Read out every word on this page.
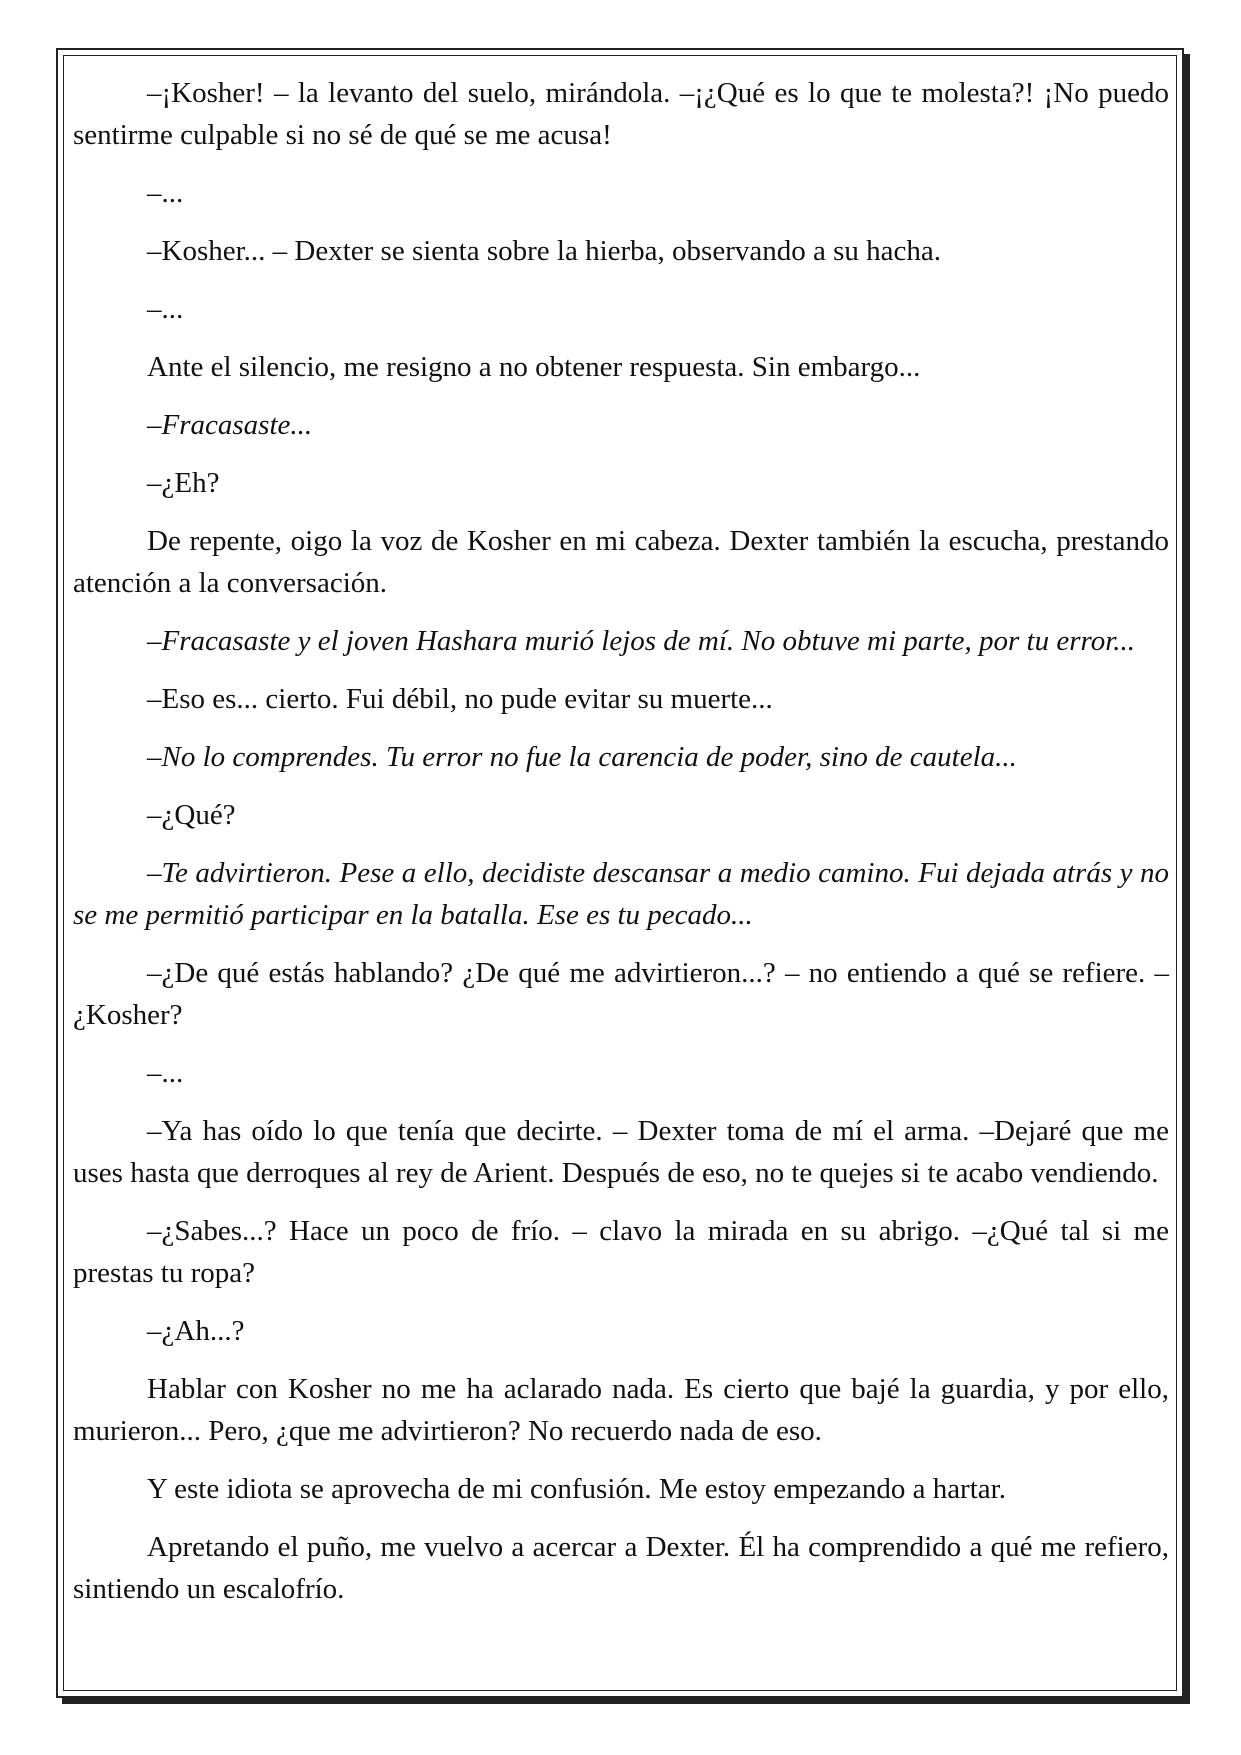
–¡Kosher! – la levanto del suelo, mirándola. –¡¿Qué es lo que te molesta?! ¡No puedo sentirme culpable si no sé de qué se me acusa!

–...

–Kosher... – Dexter se sienta sobre la hierba, observando a su hacha.

–...

Ante el silencio, me resigno a no obtener respuesta. Sin embargo...

–Fracasaste...

–¿Eh?

De repente, oigo la voz de Kosher en mi cabeza. Dexter también la escucha, prestando atención a la conversación.

–Fracasaste y el joven Hashara murió lejos de mí. No obtuve mi parte, por tu error...

–Eso es... cierto. Fui débil, no pude evitar su muerte...

–No lo comprendes. Tu error no fue la carencia de poder, sino de cautela...

–¿Qué?

–Te advirtieron. Pese a ello, decidiste descansar a medio camino. Fui dejada atrás y no se me permitió participar en la batalla. Ese es tu pecado...

–¿De qué estás hablando? ¿De qué me advirtieron...? – no entiendo a qué se refiere. –¿Kosher?

–...

–Ya has oído lo que tenía que decirte. – Dexter toma de mí el arma. –Dejaré que me uses hasta que derroques al rey de Arient. Después de eso, no te quejes si te acabo vendiendo.

–¿Sabes...? Hace un poco de frío. – clavo la mirada en su abrigo. –¿Qué tal si me prestas tu ropa?

–¿Ah...?

Hablar con Kosher no me ha aclarado nada. Es cierto que bajé la guardia, y por ello, murieron... Pero, ¿que me advirtieron? No recuerdo nada de eso.

Y este idiota se aprovecha de mi confusión. Me estoy empezando a hartar.

Apretando el puño, me vuelvo a acercar a Dexter. Él ha comprendido a qué me refiero, sintiendo un escalofrío.
